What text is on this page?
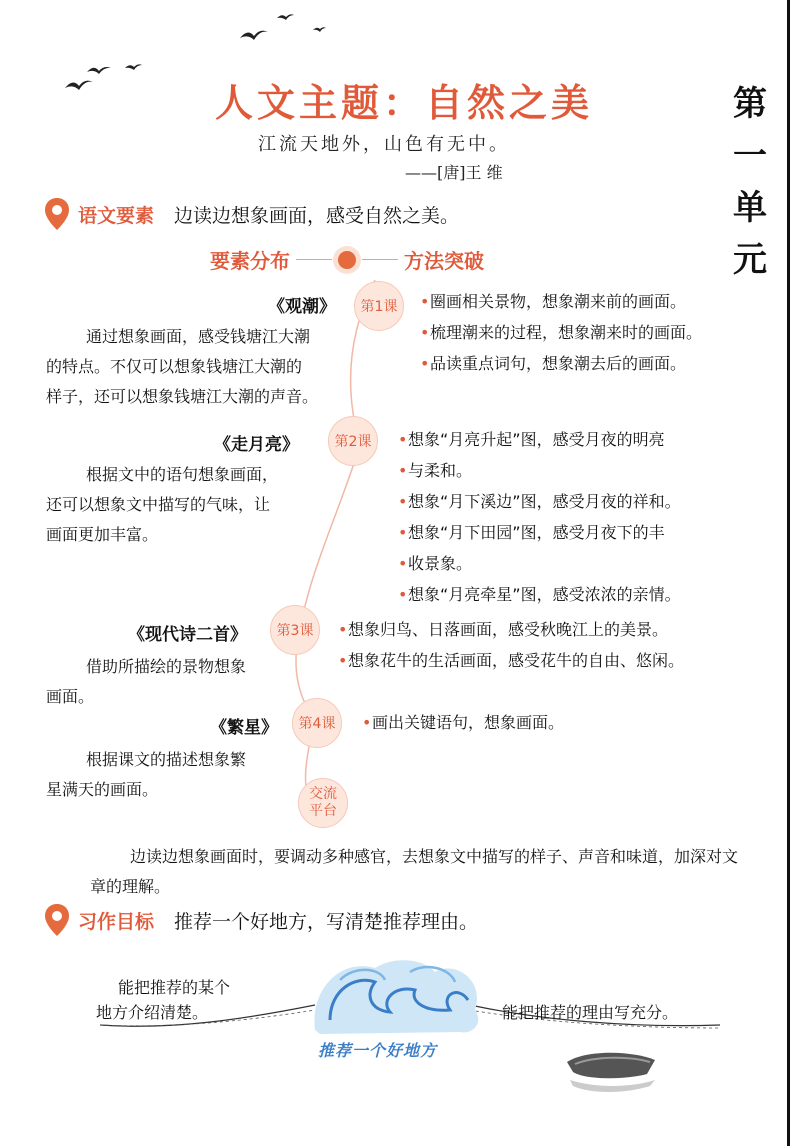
人文主题：自然之美	第
一
单
元
江流天地外，山色有无中。
——[唐]王 维
语文要素 边读边想象画面，感受自然之美。
要素分布	方法突破
《观潮》	第1课
通过想象画面，感受钱塘江大潮
的特点。不仅可以想象钱塘江大潮的
样子，还可以想象钱塘江大潮的声音。
• 圈画相关景物，想象潮来前的画面。
• 梳理潮来的过程，想象潮来时的画面。
• 品读重点词句，想象潮去后的画面。
《走月亮》	第2课
根据文中的语句想象画面，
还可以想象文中描写的气味，让
画面更加丰富。
• 想象“月亮升起”图，感受月夜的明亮
• 与柔和。
• 想象“月下溪边”图，感受月夜的祥和。
• 想象“月下田园”图，感受月夜下的丰
• 收景象。
• 想象“月亮牵星”图，感受浓浓的亲情。
《现代诗二首》	第3课
借助所描绘的景物想象
画面。
• 想象归鸟、日落画面，感受秋晚江上的美景。
• 想象花牛的生活画面，感受花牛的自由、悠闲。
《繁星》	第4课
根据课文的描述想象繁
星满天的画面。
• 画出关键语句，想象画面。
交流
平台
边读边想象画面时，要调动多种感官，去想象文中描写的样子、声音和味道，加深对文章的理解。
习作目标 推荐一个好地方，写清楚推荐理由。
能把推荐的某个
地方介绍清楚。	能把推荐的理由写充分。
推荐一个好地方
